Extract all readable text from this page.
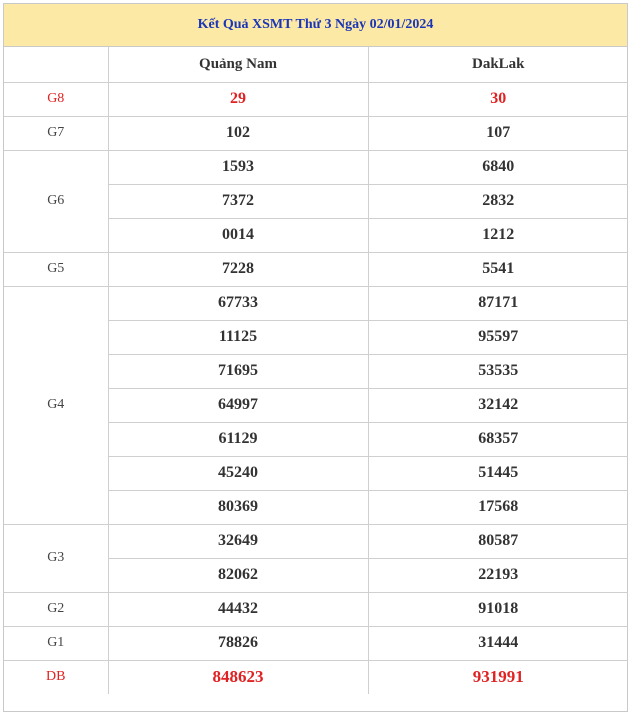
Kết Quả XSMT Thứ 3 Ngày 02/01/2024
	Quảng Nam	DakLak
G8	29	30
G7	102	107
G6	1593	6840
	7372	2832
	0014	1212
G5	7228	5541
G4	67733	87171
	11125	95597
	71695	53535
	64997	32142
	61129	68357
	45240	51445
	80369	17568
G3	32649	80587
	82062	22193
G2	44432	91018
G1	78826	31444
DB	848623	931991
